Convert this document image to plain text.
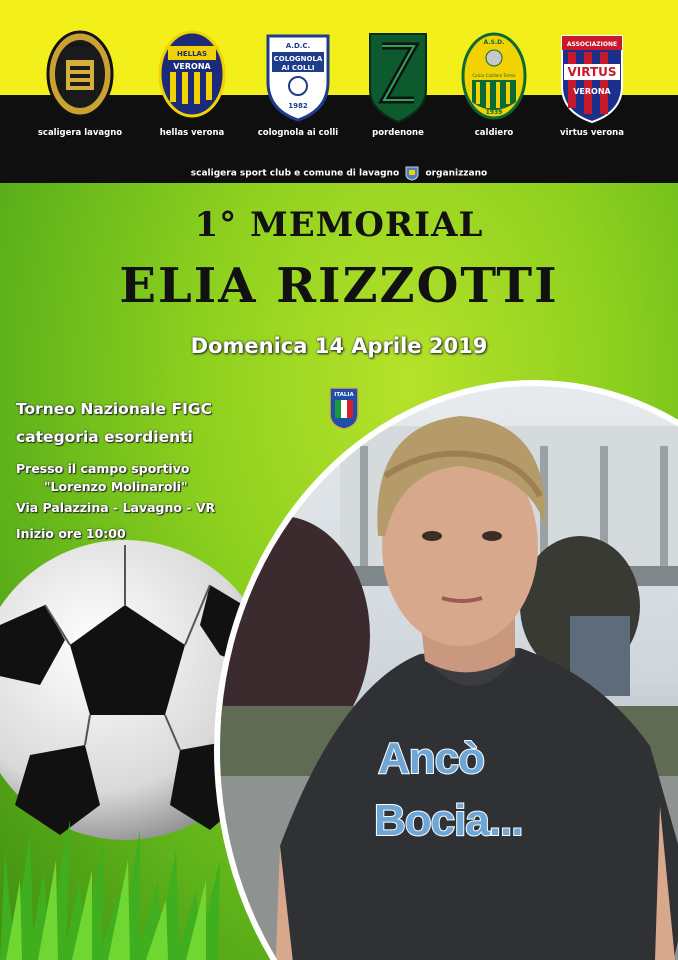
MMXII
HELLAS
VERONA
A.D.C.
COLOGNOLA
AI COLLI
1982
A.S.D.
Calcio Caldiero Terme
1939
ASSOCIAZIONE
VIRTUS
VERONA
scaligera lavagno	hellas verona	colognola ai colli	pordenone	caldiero	virtus verona
scaligera sport club e comune di lavagno	organizzano
1° MEMORIAL
ELIA RIZZOTTI
Domenica 14 Aprile 2019
Torneo Nazionale FIGC
categoria esordienti
Presso il campo sportivo
"Lorenzo Molinaroli"
Via Palazzina - Lavagno - VR
Inizio ore 10:00
ITALIA
Ancò
Bocia...
